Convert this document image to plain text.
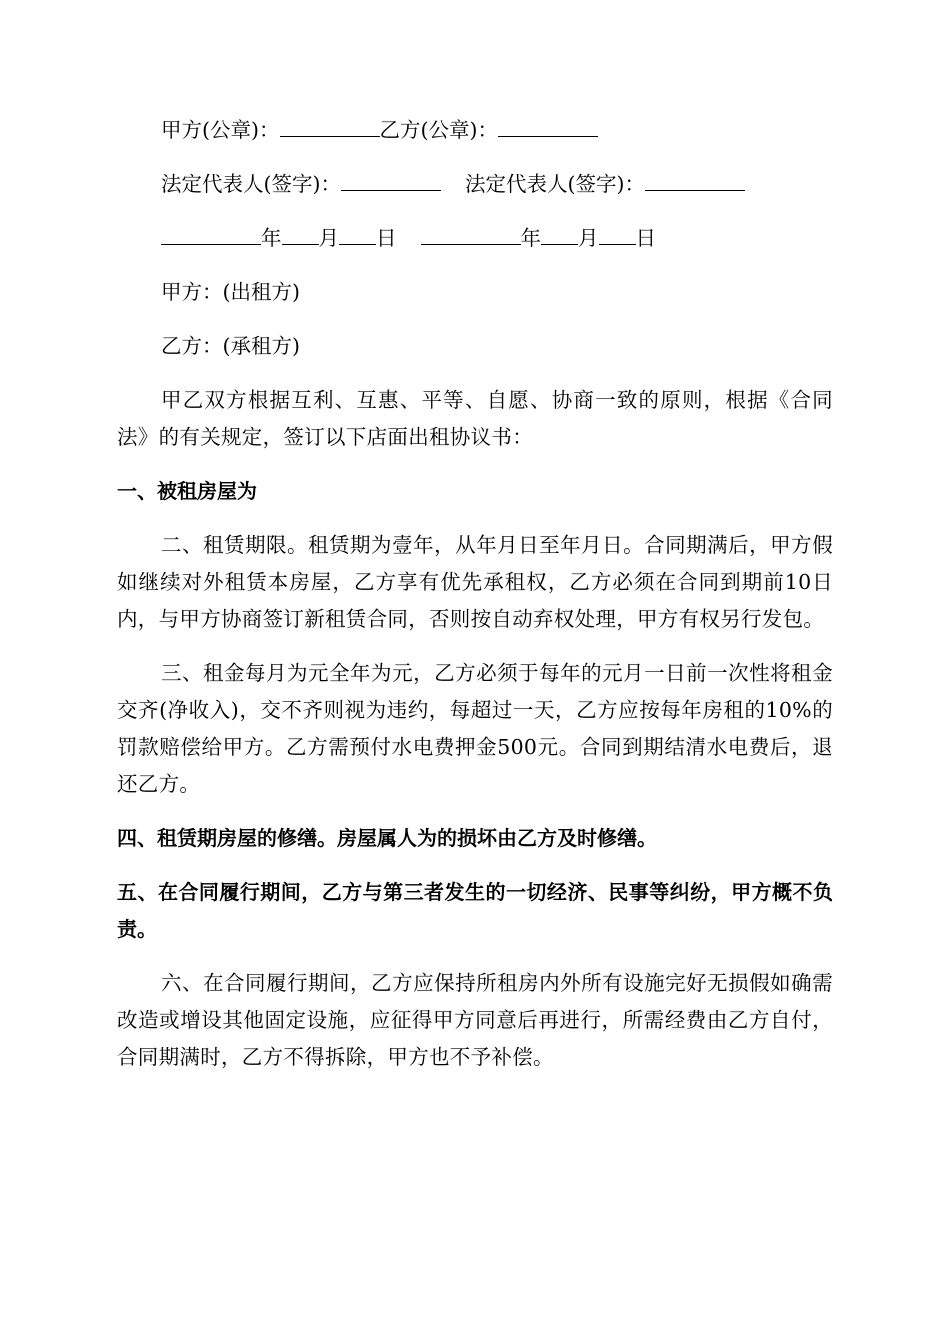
甲方(公章)：	乙方(公章)：

法定代表人(签字)：	法定代表人(签字)：

年 月 日	年 月 日

甲方：(出租方)

乙方：(承租方)

甲乙双方根据互利、互惠、平等、自愿、协商一致的原则，根据《合同法》的有关规定，签订以下店面出租协议书：

一、被租房屋为

二、租赁期限。租赁期为壹年，从年月日至年月日。合同期满后，甲方假如继续对外租赁本房屋，乙方享有优先承租权，乙方必须在合同到期前10日内，与甲方协商签订新租赁合同，否则按自动弃权处理，甲方有权另行发包。

三、租金每月为元全年为元，乙方必须于每年的元月一日前一次性将租金交齐(净收入)，交不齐则视为违约，每超过一天，乙方应按每年房租的10%的罚款赔偿给甲方。乙方需预付水电费押金500元。合同到期结清水电费后，退还乙方。

四、租赁期房屋的修缮。房屋属人为的损坏由乙方及时修缮。

五、在合同履行期间，乙方与第三者发生的一切经济、民事等纠纷，甲方概不负责。

六、在合同履行期间，乙方应保持所租房内外所有设施完好无损假如确需改造或增设其他固定设施，应征得甲方同意后再进行，所需经费由乙方自付，合同期满时，乙方不得拆除，甲方也不予补偿。
